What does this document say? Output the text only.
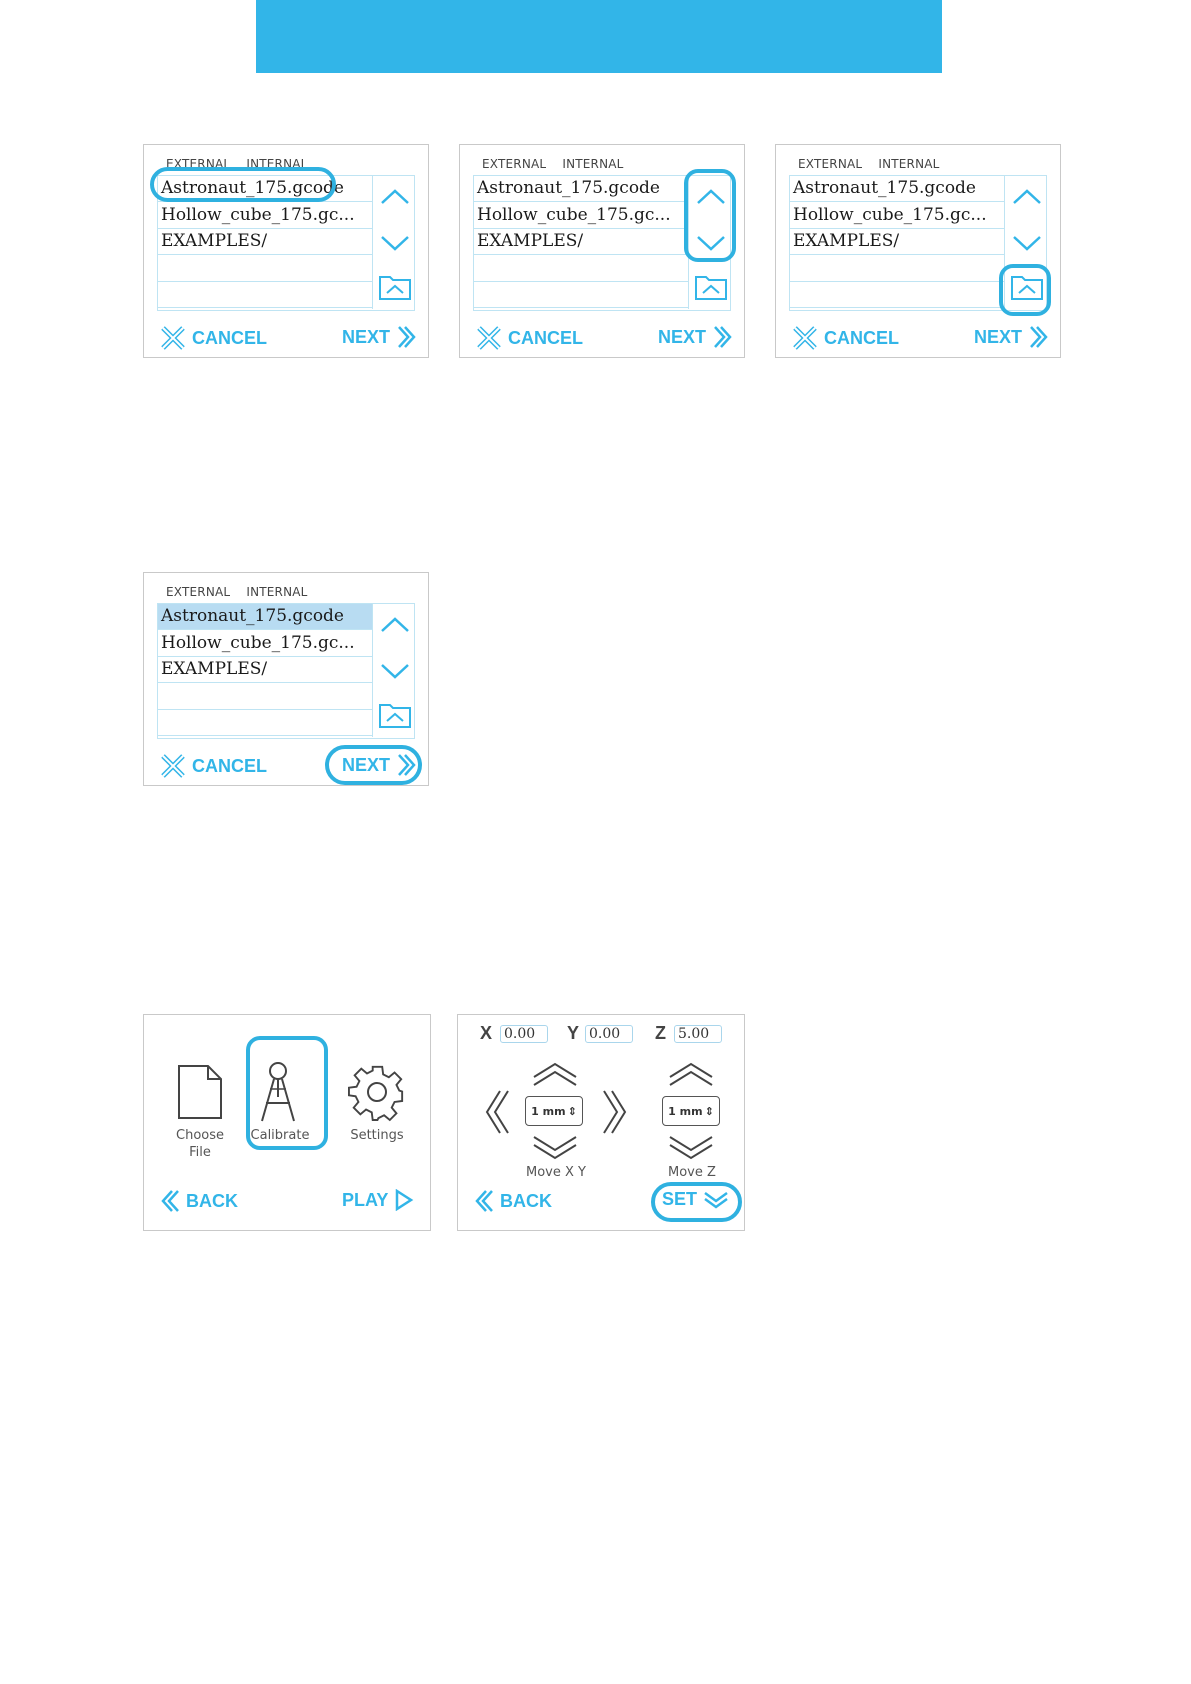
EXTERNAL INTERNAL
Astronaut_175.gcode
Hollow_cube_175.gc...
EXAMPLES/
CANCEL	NEXT
EXTERNAL INTERNAL
Astronaut_175.gcode
Hollow_cube_175.gc...
EXAMPLES/
CANCEL	NEXT
EXTERNAL INTERNAL
Astronaut_175.gcode
Hollow_cube_175.gc...
EXAMPLES/
CANCEL	NEXT
EXTERNAL INTERNAL
Astronaut_175.gcode
Hollow_cube_175.gc...
EXAMPLES/
CANCEL	NEXT
Choose
File
Calibrate	Settings
BACK	PLAY
X 0.00	Y 0.00	Z 5.00
1 mm ⇕
Move X Y
1 mm ⇕
Move Z
BACK	SET
